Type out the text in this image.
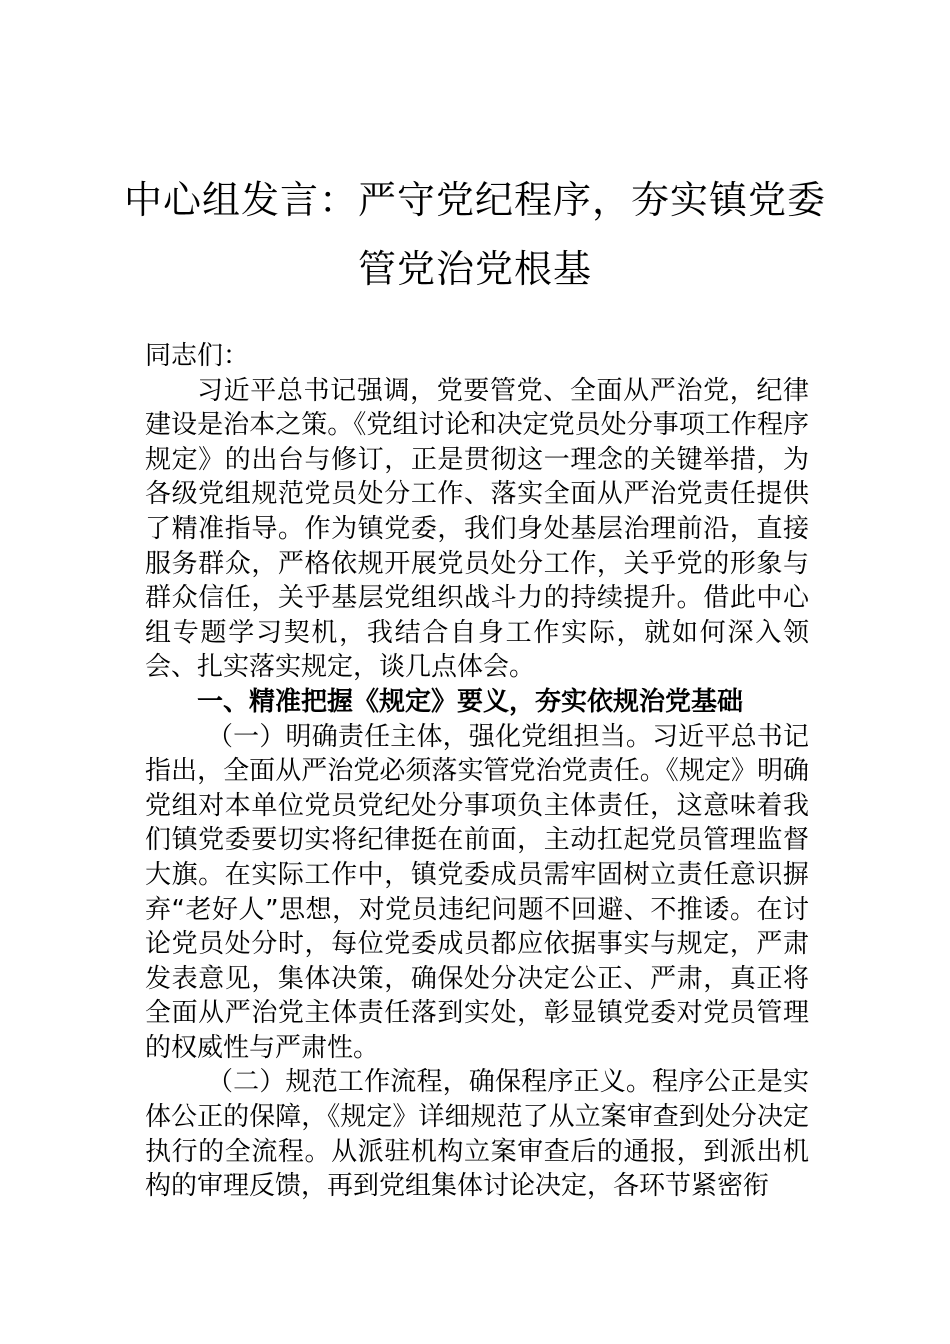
中心组发言：严守党纪程序，夯实镇党委
管党治党根基

同志们：

习近平总书记强调，党要管党、全面从严治党，纪律建设是治本之策。《党组讨论和决定党员处分事项工作程序规定》的出台与修订，正是贯彻这一理念的关键举措，为各级党组规范党员处分工作、落实全面从严治党责任提供了精准指导。作为镇党委，我们身处基层治理前沿，直接服务群众，严格依规开展党员处分工作，关乎党的形象与群众信任，关乎基层党组织战斗力的持续提升。借此中心组专题学习契机，我结合自身工作实际，就如何深入领会、扎实落实规定，谈几点体会。

一、精准把握《规定》要义，夯实依规治党基础

（一）明确责任主体，强化党组担当。习近平总书记指出，全面从严治党必须落实管党治党责任。《规定》明确党组对本单位党员党纪处分事项负主体责任，这意味着我们镇党委要切实将纪律挺在前面，主动扛起党员管理监督大旗。在实际工作中，镇党委成员需牢固树立责任意识摒弃“老好人”思想，对党员违纪问题不回避、不推诿。在讨论党员处分时，每位党委成员都应依据事实与规定，严肃发表意见，集体决策，确保处分决定公正、严肃，真正将全面从严治党主体责任落到实处，彰显镇党委对党员管理的权威性与严肃性。

（二）规范工作流程，确保程序正义。程序公正是实体公正的保障，《规定》详细规范了从立案审查到处分决定执行的全流程。从派驻机构立案审查后的通报，到派出机构的审理反馈，再到党组集体讨论决定，各环节紧密衔
